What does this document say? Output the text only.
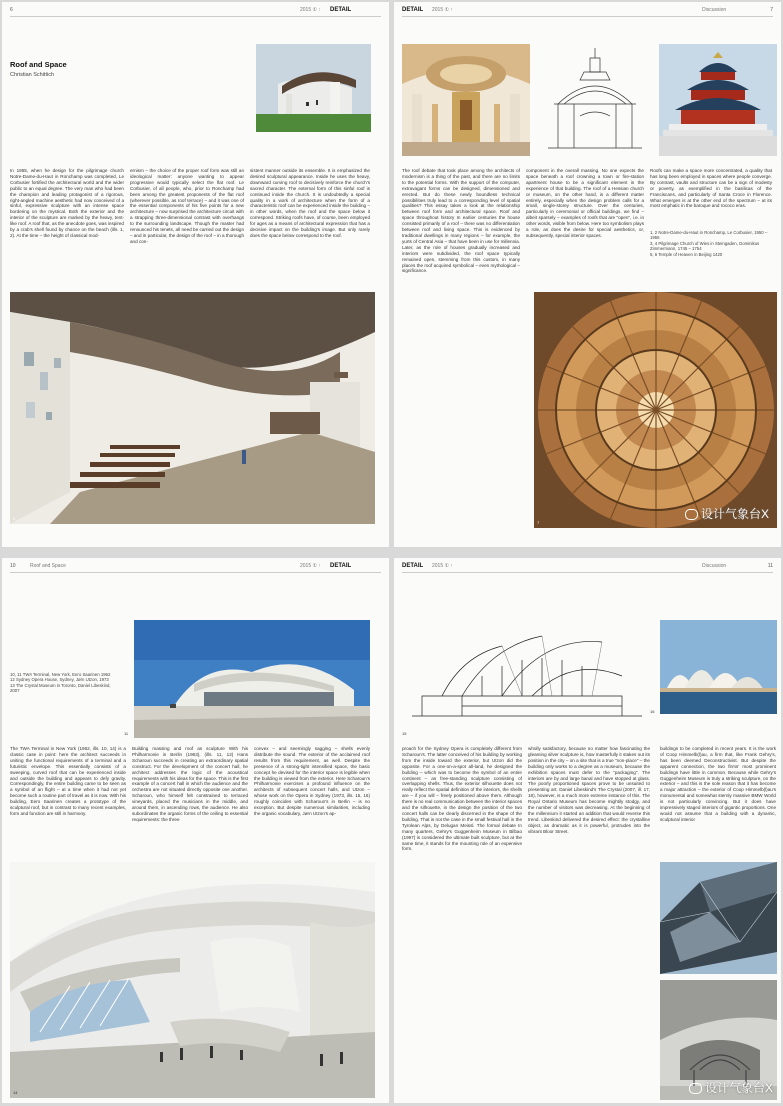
6	2015 ① ↑ DETAIL
Roof and Space
Christian Schittich
In 1955, when he design for the pilgrimage church Notre-Dame-du-Haut in Ronchamp was completed, Le Corbusier fortified the architectural world and the wider public to an equal degree. The very man who had been the champion and leading protagonist of a rigorous, right-angled machine aesthetic had now conceived of a sinful, expressive sculpture with an intense space bordering on the mystical. Both the exterior and the interior of the sculpture are marked by the heavy, tent-like roof. A roof that, as the anecdote goes, was inspired by a crab's shell found by chance on the beach (ills. 1, 2). At the time – the height of classical mod-
ernism – the choice of the proper roof form was still an ideological matter: anyone wanting to appear progressive would typically select the flat roof. Le Corbusier, of all people, who, prior to Ronchamp had been among the greatest proponents of the flat roof (wherever possible, as roof terrace) – and it was one of the essential components of his five points for a new architecture – now surprised the architecture circuit with a strapping three-dimensional contrast with overhangs to the surrounding landscape. Though the master had renounced his tenets, all need be carried out the design – and in particular, the design of the roof – in a thorough and con-
sistent manner outside its ensemble. It is emphasized the desired sculptural appearance. Inside he uses the heavy, downward curving roof to decisively reinforce the church's sacred character. The external form of this sinful roof is continued inside the church. It is undoubtedly a special quality in a work of architecture when the form of a characteristic roof can be experienced inside the building – in other words, when the roof and the space below it correspond. Striking roofs have, of course, been employed for ages as a means of architectural expression that has a decisive impact on the building's image. But only rarely does the space below correspond to the roof.
2
DETAIL 2015 ① ↑	Discussion	7
The roof debate that took place among the architects of modernism is a thing of the past, and there are no limits to the potential forms. With the support of the computer, extravagant forms can be designed, dimensioned and erected. But do these newly boundless technical possibilities truly lead to a corresponding level of spatial qualities? This essay takes a look at the relationship between roof form and architectural space. Roof and space throughout history In earlier centuries the house consisted primarily of a roof – there was no differentiation between roof and living space. This is evidenced by traditional dwellings in many regions – for example, the yurts of Central Asia – that have been in use for millennia. Later, as the role of houses gradually increased and interiors were subdivided, the roof space typically remained open, stemming from this custom, in many places the roof acquired symbolical – even mythological – significance.
component in the overall massing. No one expects the space beneath a roof crowning a town or fire-station apartment house to be a significant element in the experience of that building. The roof of a Hessian church or museum, on the other hand, is a different matter entirely, especially when the design problem calls for a small, single-storey structure. Over the centuries, particularly in ceremonial or official buildings, we find – albeit sparsely – examples of roofs that are "open", i.e. in other words, visible from below. Here too symbolism plays a role, as does the desire for special aesthetics, or, subsequently, special interior spaces.
Roofs can make a space more concentrated, a quality that has long been employed in spaces where people converge. By contrast, vaults and structure can be a sign of modesty or poverty, as exemplified in the basilicas of the Franciscans, and particularly of Santa Croce in Florence. What emerges is at the other end of the spectrum – at its most emphatic in the baroque and rococo eras.
1, 2 Notre-Dame-du-Haut in Ronchamp, Le Corbusier, 1950 – 1955
3, 4 Pilgrimage Church of Wies in Steingaden, Dominikus Zimmermann, 1745 – 1754
5, 6 Temple of Heaven in Beijing 1420
7
设计气象台X
10	Roof and Space	2015 ① ↑ DETAIL
10, 11 TWA Terminal, New York, Eero Saarinen 1962
12 Sydney Opera House, Sydney, Jørn Utzon, 1973
13 The Crystal Museum in Toronto, Daniel Libeskind, 2007
11
The TWA Terminal in New York (1962, ills. 10, 14) is a classic case in point: here the architect succeeds in uniting the functional requirements of a terminal and a futuristic envelope. This essentially consists of a sweeping, curved roof that can be experienced inside and outside the building and appears to defy gravity. Correspondingly, the entire building came to be seen as a symbol of an flight – at a time when it had not yet become such a routine part of travel as it is now. With his building, Eero Saarinen creates a prototype of the sculptural roof, but in contrast to many recent examples, form and function are still in harmony.
Building massing and roof as sculpture With his Philharmonie in Berlin (1963), (ills. 11, 12) Hans Scharoun succeeds in creating an extraordinary spatial construct. For the development of the concert hall, he architect addresses the logic of the acoustical requirements with his ideas for the space. This is the first example of a concert hall in which the audience and the orchestra are not situated directly opposite one another. Scharoun, who himself felt constrained to terraced vineyards, placed the musicians in the middle, and around them, in ascending rows, the audience. He also subordinates the organic forms of the ceiling to essential requirements: the three
convex – and seemingly sagging – shells evenly distribute the sound. The exterior of the acclaimed roof results from this requirement, as well. Despite the presence of a strong-tight intensified space, the basic concept he devised for the interior space is legible when the building is viewed from the exterior. Here Scharoun's Philharmonie exercises a profound influence on the architects of subsequent concert halls, and Utzon – whose work on the Opera in Sydney (1973, ills. 15, 16) roughly coincides with Scharoun's in Berlin – is no exception. But despite numerous similarities, including the organic vocabulary, Jørn Utzon's ap-
14
DETAIL 2015 ① ↑	Discussion	11
15
16
proach for the Sydney Opera is completely different from Scharoun's. The latter conceived of his building by working from the inside toward the exterior, but Utzon did the opposite. For a one-on-a-spot all-land, he designed the building – which was to become the symbol of an entire continent – as free-standing sculpture consisting of overlapping shells. Thus, the exterior silhouette does not really reflect the spatial definition of the interiors, the shells are – if you will – freely positioned above them. Although there is no real communication between the interior spaces and the silhouette, in the design the position of the two concert halls can be clearly discerned in the shape of the building. That is not the case in the small festival hall in the Tyrolean Alps, by Delugan Meissl. The formal debate In many quarters, Gehry's Guggenheim Museum in Bilbao (1997) is considered the ultimate built sculpture, but at the same time, it stands for the mounting role of an expensive form.
wholly satisfactory, because no matter how fascinating the gleaming silver sculpture is, how masterfully it stakes out its position in the city – on a site that is a true "non-place" – the building only works to a degree as a museum, because the exhibition spaces must defer to the "packaging". The interiors are by and large banal and have stopped at glass. The poorly proportioned spaces prove to be unsuited to presenting art. Daniel Libeskind's The Crystal (2007, ill. 17, 18), however, is a much more extreme instance of this. The Royal Ontario Museum has become mightily stodgy, and the number of visitors was decreasing. At the beginning of the millennium it started an addition that would reverse this trend. Libeskind delivered the desired effect: the crystalline object, as dramatic as it is powerful, protrudes into the vibrant Bloor Street.
buildings to be completed in recent years. It is the work of Coop Himmelb(l)au, a firm that, like Frank Gehry's, has been deemed Deconstructivist. But despite the apparent connection, the two firms' most prominent buildings have little in common. Because while Gehry's Guggenheim Museum is truly a striking sculpture, on the exterior – and this is the sole reason that it has become a major attraction – the exterior of Coop Himmelb(l)au's monumental and somewhat sternly massive BMW World is not particularly convincing. But it does have impressively staged interiors of gigantic proportions. One would not assume that a building with a dynamic, sculptural interior
设计气象台X
